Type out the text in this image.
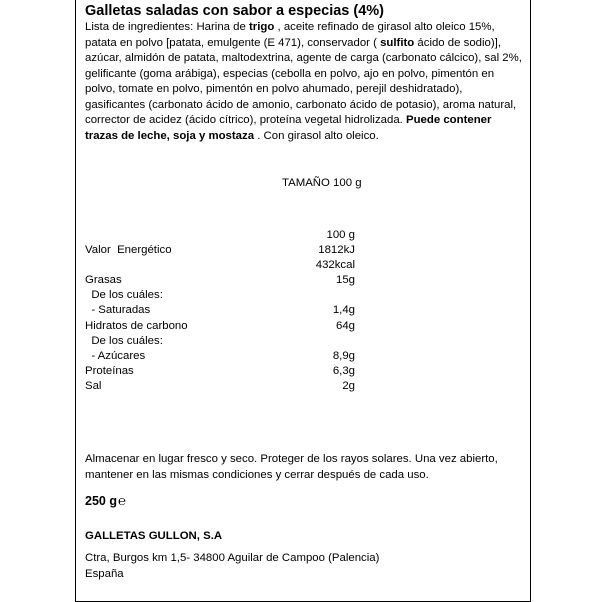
Galletas saladas con sabor a especias (4%)
Lista de ingredientes: Harina de trigo , aceite refinado de girasol alto oleico 15%, patata en polvo [patata, emulgente (E 471), conservador ( sulfito ácido de sodio)], azúcar, almidón de patata, maltodextrina, agente de carga (carbonato cálcico), sal 2%, gelificante (goma arábiga), especias (cebolla en polvo, ajo en polvo, pimentón en polvo, tomate en polvo, pimentón en polvo ahumado, perejil deshidratado), gasificantes (carbonato ácido de amonio, carbonato ácido de potasio), aroma natural, corrector de acidez (ácido cítrico), proteína vegetal hidrolizada. Puede contener trazas de leche, soja y mostaza . Con girasol alto oleico.
TAMAÑO 100 g
100 g
Valor  Energético	1812kJ
432kcal
Grasas	15g
De los cuáles:
- Saturadas	1,4g
Hidratos de carbono	64g
De los cuáles:
- Azúcares	8,9g
Proteínas	6,3g
Sal	2g
Almacenar en lugar fresco y seco. Proteger de los rayos solares. Una vez abierto, mantener en las mismas condiciones y cerrar después de cada uso.
250 g℮
GALLETAS GULLON, S.A
Ctra, Burgos km 1,5- 34800 Aguilar de Campoo (Palencia)
España
